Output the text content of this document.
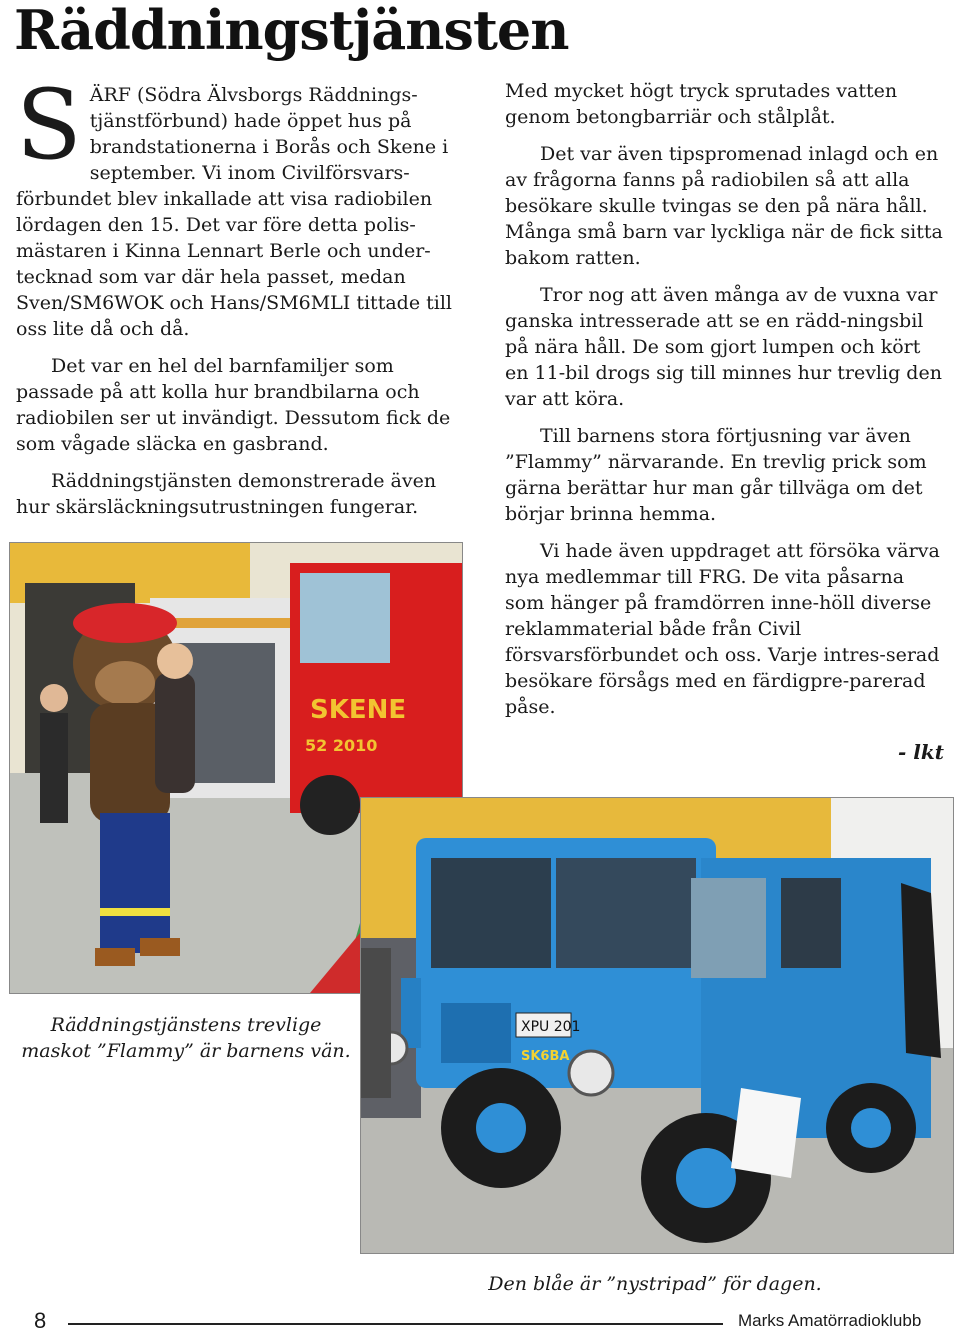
Räddningstjänsten

SÄRF (Södra Älvsborgs Räddnings-tjänstförbund) hade öppet hus på brandstationerna i Borås och Skene i september. Vi inom Civilförsvars-förbundet blev inkallade att visa radiobilen lördagen den 15. Det var före detta polis-mästaren i Kinna Lennart Berle och under-tecknad som var där hela passet, medan Sven/SM6WOK och Hans/SM6MLI tittade till oss lite då och då.

Det var en hel del barnfamiljer som passade på att kolla hur brandbilarna och radiobilen ser ut invändigt. Dessutom fick de som vågade släcka en gasbrand.

Räddningstjänsten demonstrerade även hur skärsläckningsutrustningen fungerar.

Med mycket högt tryck sprutades vatten genom betongbarriär och stålplåt.

Det var även tipspromenad inlagd och en av frågorna fanns på radiobilen så att alla besökare skulle tvingas se den på nära håll. Många små barn var lyckliga när de fick sitta bakom ratten.

Tror nog att även många av de vuxna var ganska intresserade att se en rädd-ningsbil på nära håll. De som gjort lumpen och kört en 11-bil drogs sig till minnes hur trevlig den var att köra.

Till barnens stora förtjusning var även ”Flammy” närvarande. En trevlig prick som gärna berättar hur man går tillväga om det börjar brinna hemma.

Vi hade även uppdraget att försöka värva nya medlemmar till FRG. De vita påsarna som hänger på framdörren inne-höll diverse reklammaterial både från Civil försvarsförbundet och oss. Varje intres-serad besökare försågs med en färdigpre-parerad påse.

- lkt
SKENE
52 2010
Räddningstjänstens trevlige maskot ”Flammy” är barnens vän.
XPU 201
SK6BA
Den blåe är ”nystripad” för dagen.
8	Marks Amatörradioklubb
